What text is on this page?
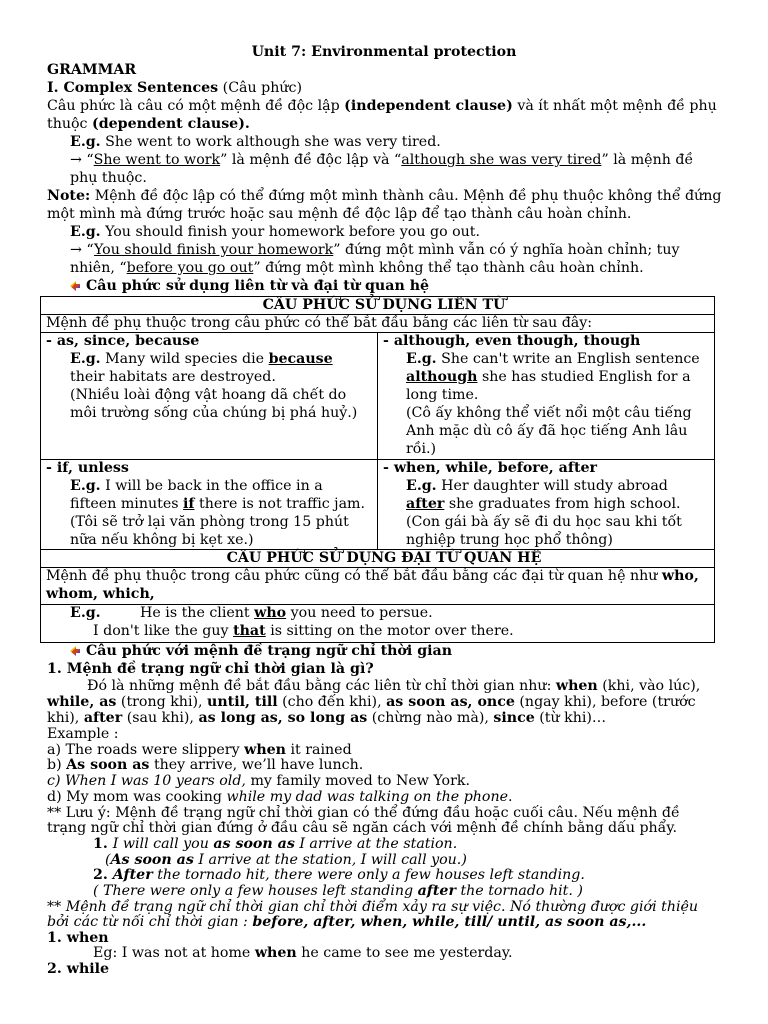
Unit 7: Environmental protection
GRAMMAR
I. Complex Sentences (Câu phức)
Câu phức là câu có một mệnh đề độc lập (independent clause) và ít nhất một mệnh đề phụ
thuộc (dependent clause).
E.g. She went to work although she was very tired.
→ “She went to work” là mệnh đề độc lập và “although she was very tired” là mệnh đề
phụ thuộc.
Note: Mệnh đề độc lập có thể đứng một mình thành câu. Mệnh đề phụ thuộc không thể đứng
một mình mà đứng trước hoặc sau mệnh đề độc lập để tạo thành câu hoàn chỉnh.
E.g. You should finish your homework before you go out.
→ “You should finish your homework” đứng một mình vẫn có ý nghĩa hoàn chỉnh; tuy
nhiên, “before you go out” đứng một mình không thể tạo thành câu hoàn chỉnh.
Câu phức sử dụng liên từ và đại từ quan hệ
CÂU PHỨC SỬ DỤNG LIÊN TỪ
Mệnh đề phụ thuộc trong câu phức có thể bắt đầu bằng các liên từ sau đây:
- as, since, because
E.g. Many wild species die because
their habitats are destroyed.
(Nhiều loài động vật hoang dã chết do
môi trường sống của chúng bị phá huỷ.)
- although, even though, though
E.g. She can't write an English sentence
although she has studied English for a
long time.
(Cô ấy không thể viết nổi một câu tiếng
Anh mặc dù cô ấy đã học tiếng Anh lâu
rồi.)
- if, unless
E.g. I will be back in the office in a
fifteen minutes if there is not traffic jam.
(Tôi sẽ trở lại văn phòng trong 15 phút
nữa nếu không bị kẹt xe.)
- when, while, before, after
E.g. Her daughter will study abroad
after she graduates from high school.
(Con gái bà ấy sẽ đi du học sau khi tốt
nghiệp trung học phổ thông)
CÂU PHỨC SỬ DỤNG ĐẠI TỪ QUAN HỆ
Mệnh đề phụ thuộc trong câu phức cũng có thể bắt đầu bằng các đại từ quan hệ như who,
whom, which,
E.g.	He is the client who you need to persue.
I don't like the guy that is sitting on the motor over there.
Câu phức với mệnh đề trạng ngữ chỉ thời gian
1. Mệnh đề trạng ngữ chỉ thời gian là gì?
Đó là những mệnh đề bắt đầu bằng các liên từ chỉ thời gian như: when (khi, vào lúc),
while, as (trong khi), until, till (cho đến khi), as soon as, once (ngay khi), before (trước
khi), after (sau khi), as long as, so long as (chừng nào mà), since (từ khi)…
Example :
a) The roads were slippery when it rained
b) As soon as they arrive, we’ll have lunch.
c) When I was 10 years old, my family moved to New York.
d) My mom was cooking while my dad was talking on the phone.
** Lưu ý: Mệnh đề trạng ngữ chỉ thời gian có thể đứng đầu hoặc cuối câu. Nếu mệnh đề
trạng ngữ chỉ thời gian đứng ở đầu câu sẽ ngăn cách với mệnh đề chính bằng dấu phẩy.
1. I will call you as soon as I arrive at the station.
(As soon as I arrive at the station, I will call you.)
2. After the tornado hit, there were only a few houses left standing.
( There were only a few houses left standing after the tornado hit. )
** Mệnh đề trạng ngữ chỉ thời gian chỉ thời điểm xảy ra sự việc. Nó thường được giới thiệu
bởi các từ nối chỉ thời gian : before, after, when, while, till/ until, as soon as,...
1. when
Eg: I was not at home when he came to see me yesterday.
2. while
